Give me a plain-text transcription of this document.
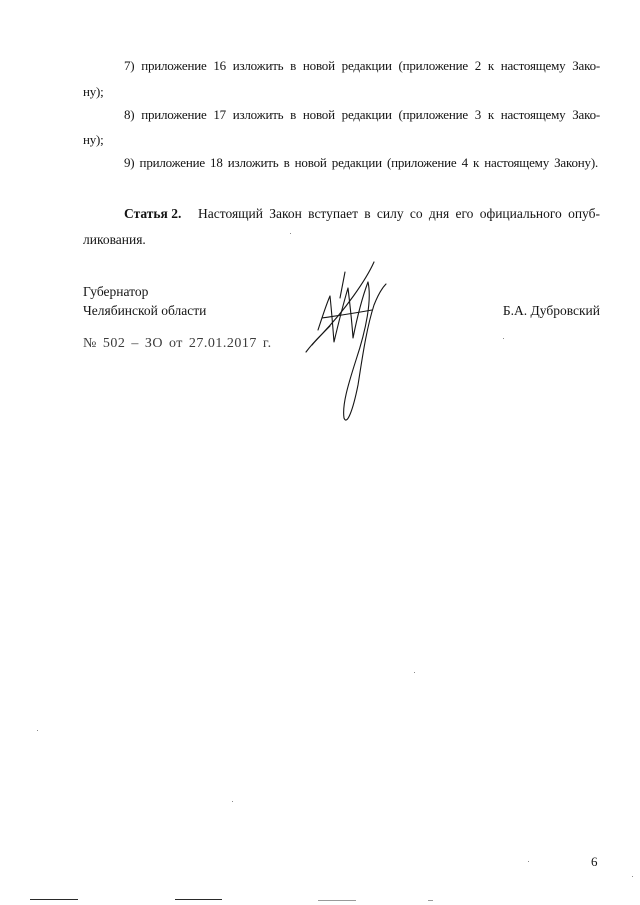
7) приложение 16 изложить в новой редакции (приложение 2 к настоящему Зако-
ну);
8) приложение 17 изложить в новой редакции (приложение 3 к настоящему Зако-
ну);
9) приложение 18 изложить в новой редакции (приложение 4 к настоящему Закону).
Статья 2. Настоящий Закон вступает в силу со дня его официального опуб-
ликования.
Губернатор
Челябинской области	Б.А. Дубровский
№ 502 – ЗО от 27.01.2017 г.
6
